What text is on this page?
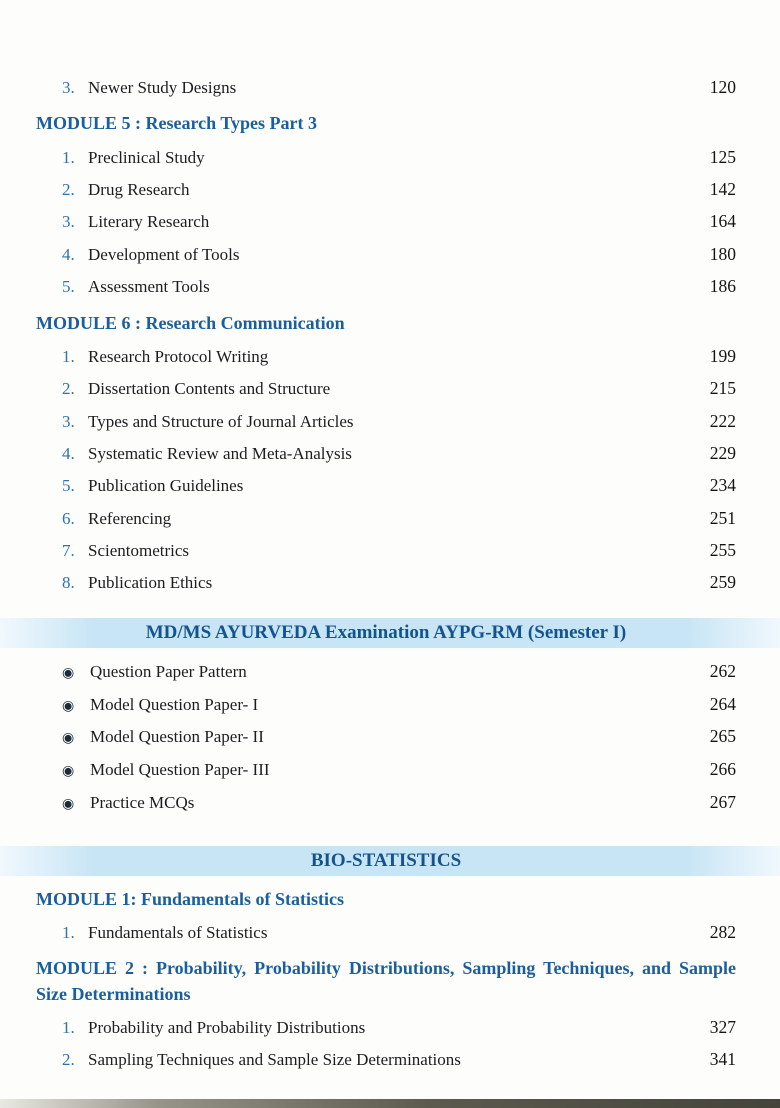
3. Newer Study Designs	120
MODULE 5 : Research Types Part 3
1. Preclinical Study	125
2. Drug Research	142
3. Literary Research	164
4. Development of Tools	180
5. Assessment Tools	186
MODULE 6 : Research Communication
1. Research Protocol Writing	199
2. Dissertation Contents and Structure	215
3. Types and Structure of Journal Articles	222
4. Systematic Review and Meta-Analysis	229
5. Publication Guidelines	234
6. Referencing	251
7. Scientometrics	255
8. Publication Ethics	259
MD/MS AYURVEDA Examination AYPG-RM (Semester I)
◉ Question Paper Pattern	262
◉ Model Question Paper- I	264
◉ Model Question Paper- II	265
◉ Model Question Paper- III	266
◉ Practice MCQs	267
BIO-STATISTICS
MODULE 1: Fundamentals of Statistics
1. Fundamentals of Statistics	282
MODULE 2 : Probability, Probability Distributions, Sampling Techniques, and Sample Size Determinations
1. Probability and Probability Distributions	327
2. Sampling Techniques and Sample Size Determinations	341
